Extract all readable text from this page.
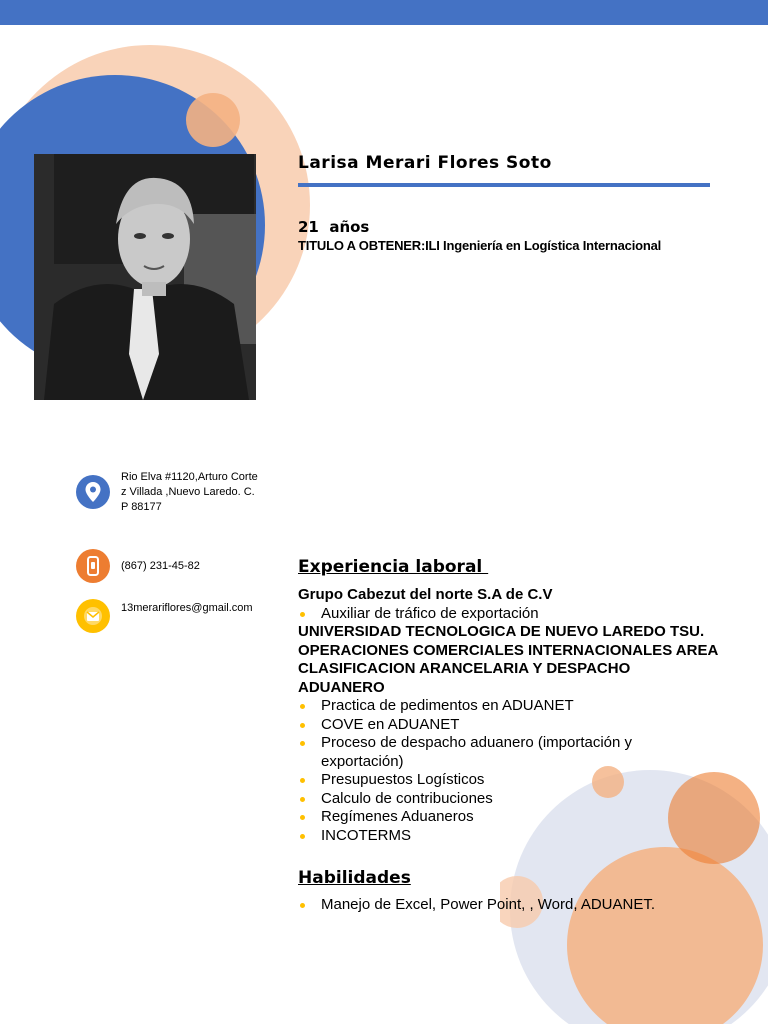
Larisa Merari Flores Soto
21  años
TITULO A OBTENER:ILI Ingeniería en Logística Internacional
Rio Elva #1120,Arturo Cortez Villada ,Nuevo Laredo. C.P 88177
(867) 231-45-82
13merariflores@gmail.com
Experiencia laboral
Grupo Cabezut del norte S.A de C.V
Auxiliar de tráfico de exportación
UNIVERSIDAD TECNOLOGICA DE NUEVO LAREDO TSU. OPERACIONES COMERCIALES INTERNACIONALES AREA CLASIFICACION ARANCELARIA Y DESPACHO ADUANERO
Practica de pedimentos en ADUANET
COVE en ADUANET
Proceso de despacho aduanero (importación y exportación)
Presupuestos Logísticos
Calculo de contribuciones
Regímenes Aduaneros
INCOTERMS
Habilidades
Manejo de Excel, Power Point, , Word, ADUANET.
